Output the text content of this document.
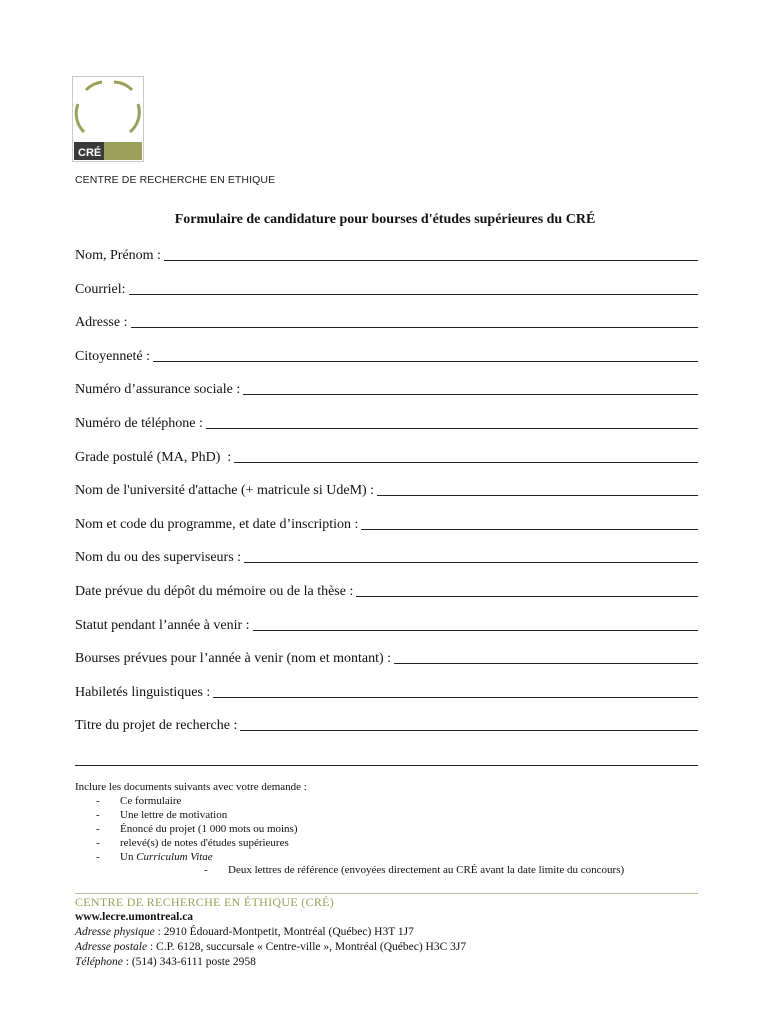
CRÉ
CENTRE DE RECHERCHE EN ETHIQUE
Formulaire de candidature pour bourses d'études supérieures du CRÉ
Nom, Prénom :
Courriel:
Adresse :
Citoyenneté :
Numéro d’assurance sociale :
Numéro de téléphone :
Grade postulé (MA, PhD)  :
Nom de l'université d'attache (+ matricule si UdeM) :
Nom et code du programme, et date d’inscription :
Nom du ou des superviseurs :
Date prévue du dépôt du mémoire ou de la thèse :
Statut pendant l’année à venir :
Bourses prévues pour l’année à venir (nom et montant) :
Habiletés linguistiques :
Titre du projet de recherche :
Inclure les documents suivants avec votre demande :
- Ce formulaire
- Une lettre de motivation
- Énoncé du projet (1 000 mots ou moins)
- relevé(s) de notes d'études supérieures
- Un Curriculum Vitae
- Deux lettres de référence (envoyées directement au CRÉ avant la date limite du concours)
CENTRE DE RECHERCHE EN ÉTHIQUE (CRÉ)
www.lecre.umontreal.ca
Adresse physique : 2910 Édouard-Montpetit, Montréal (Québec) H3T 1J7
Adresse postale : C.P. 6128, succursale « Centre-ville », Montréal (Québec) H3C 3J7
Téléphone : (514) 343-6111 poste 2958
